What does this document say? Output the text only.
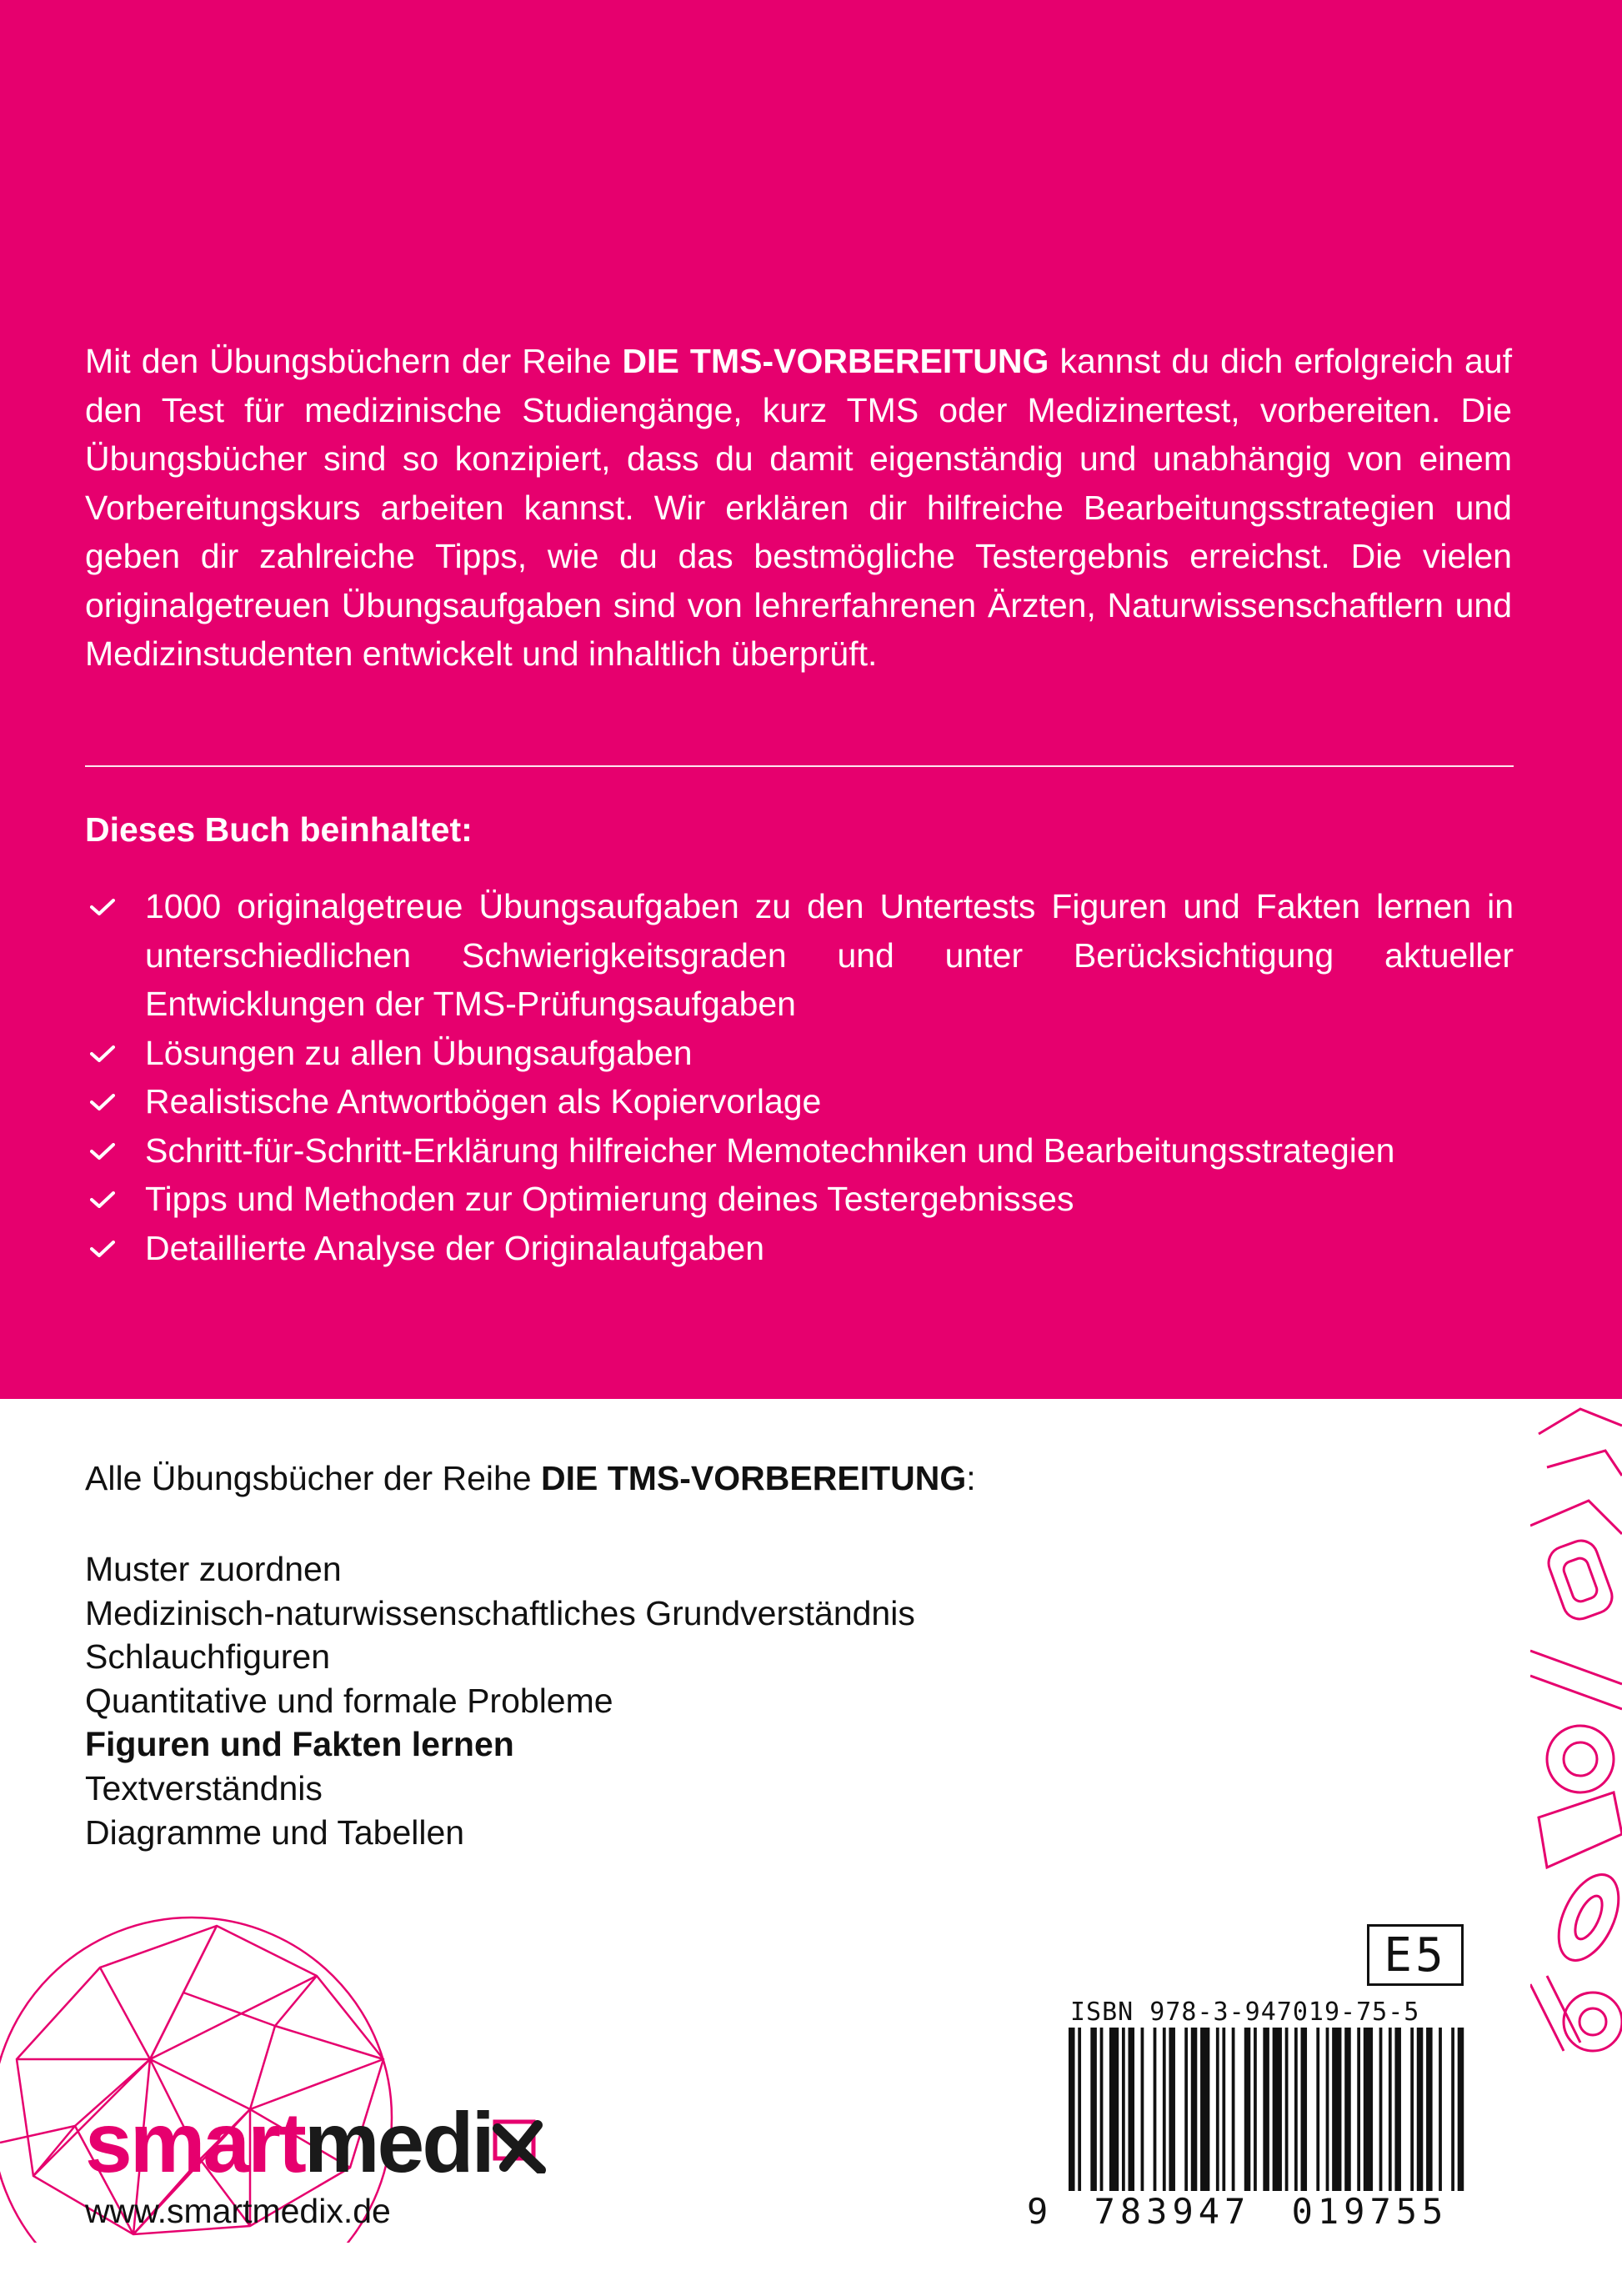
Mit den Übungsbüchern der Reihe DIE TMS-VORBEREITUNG kannst du dich erfolgreich auf den Test für medizinische Studiengänge, kurz TMS oder Medizinertest, vorbereiten. Die Übungsbücher sind so konzipiert, dass du damit eigenständig und unabhängig von einem Vorbereitungskurs arbeiten kannst. Wir erklären dir hilfreiche Bearbeitungsstrategien und geben dir zahlreiche Tipps, wie du das bestmögliche Testergebnis erreichst. Die vielen originalgetreuen Übungsaufgaben sind von lehrerfahrenen Ärzten, Naturwissenschaftlern und Medizinstudenten entwickelt und inhaltlich überprüft.

Dieses Buch beinhaltet:

1000 originalgetreue Übungsaufgaben zu den Untertests Figuren und Fakten lernen in unterschiedlichen Schwierigkeitsgraden und unter Berücksichtigung aktueller Entwicklungen der TMS-Prüfungsaufgaben
Lösungen zu allen Übungsaufgaben
Realistische Antwortbögen als Kopiervorlage
Schritt-für-Schritt-Erklärung hilfreicher Memotechniken und Bearbeitungsstrategien
Tipps und Methoden zur Optimierung deines Testergebnisses
Detaillierte Analyse der Originalaufgaben

Alle Übungsbücher der Reihe DIE TMS-VORBEREITUNG:

Muster zuordnen
Medizinisch-naturwissenschaftliches Grundverständnis
Schlauchfiguren
Quantitative und formale Probleme
Figuren und Fakten lernen
Textverständnis
Diagramme und Tabellen
smartmedi

www.smartmedix.de

E5
ISBN 978-3-947019-75-5
9 783947 019755
